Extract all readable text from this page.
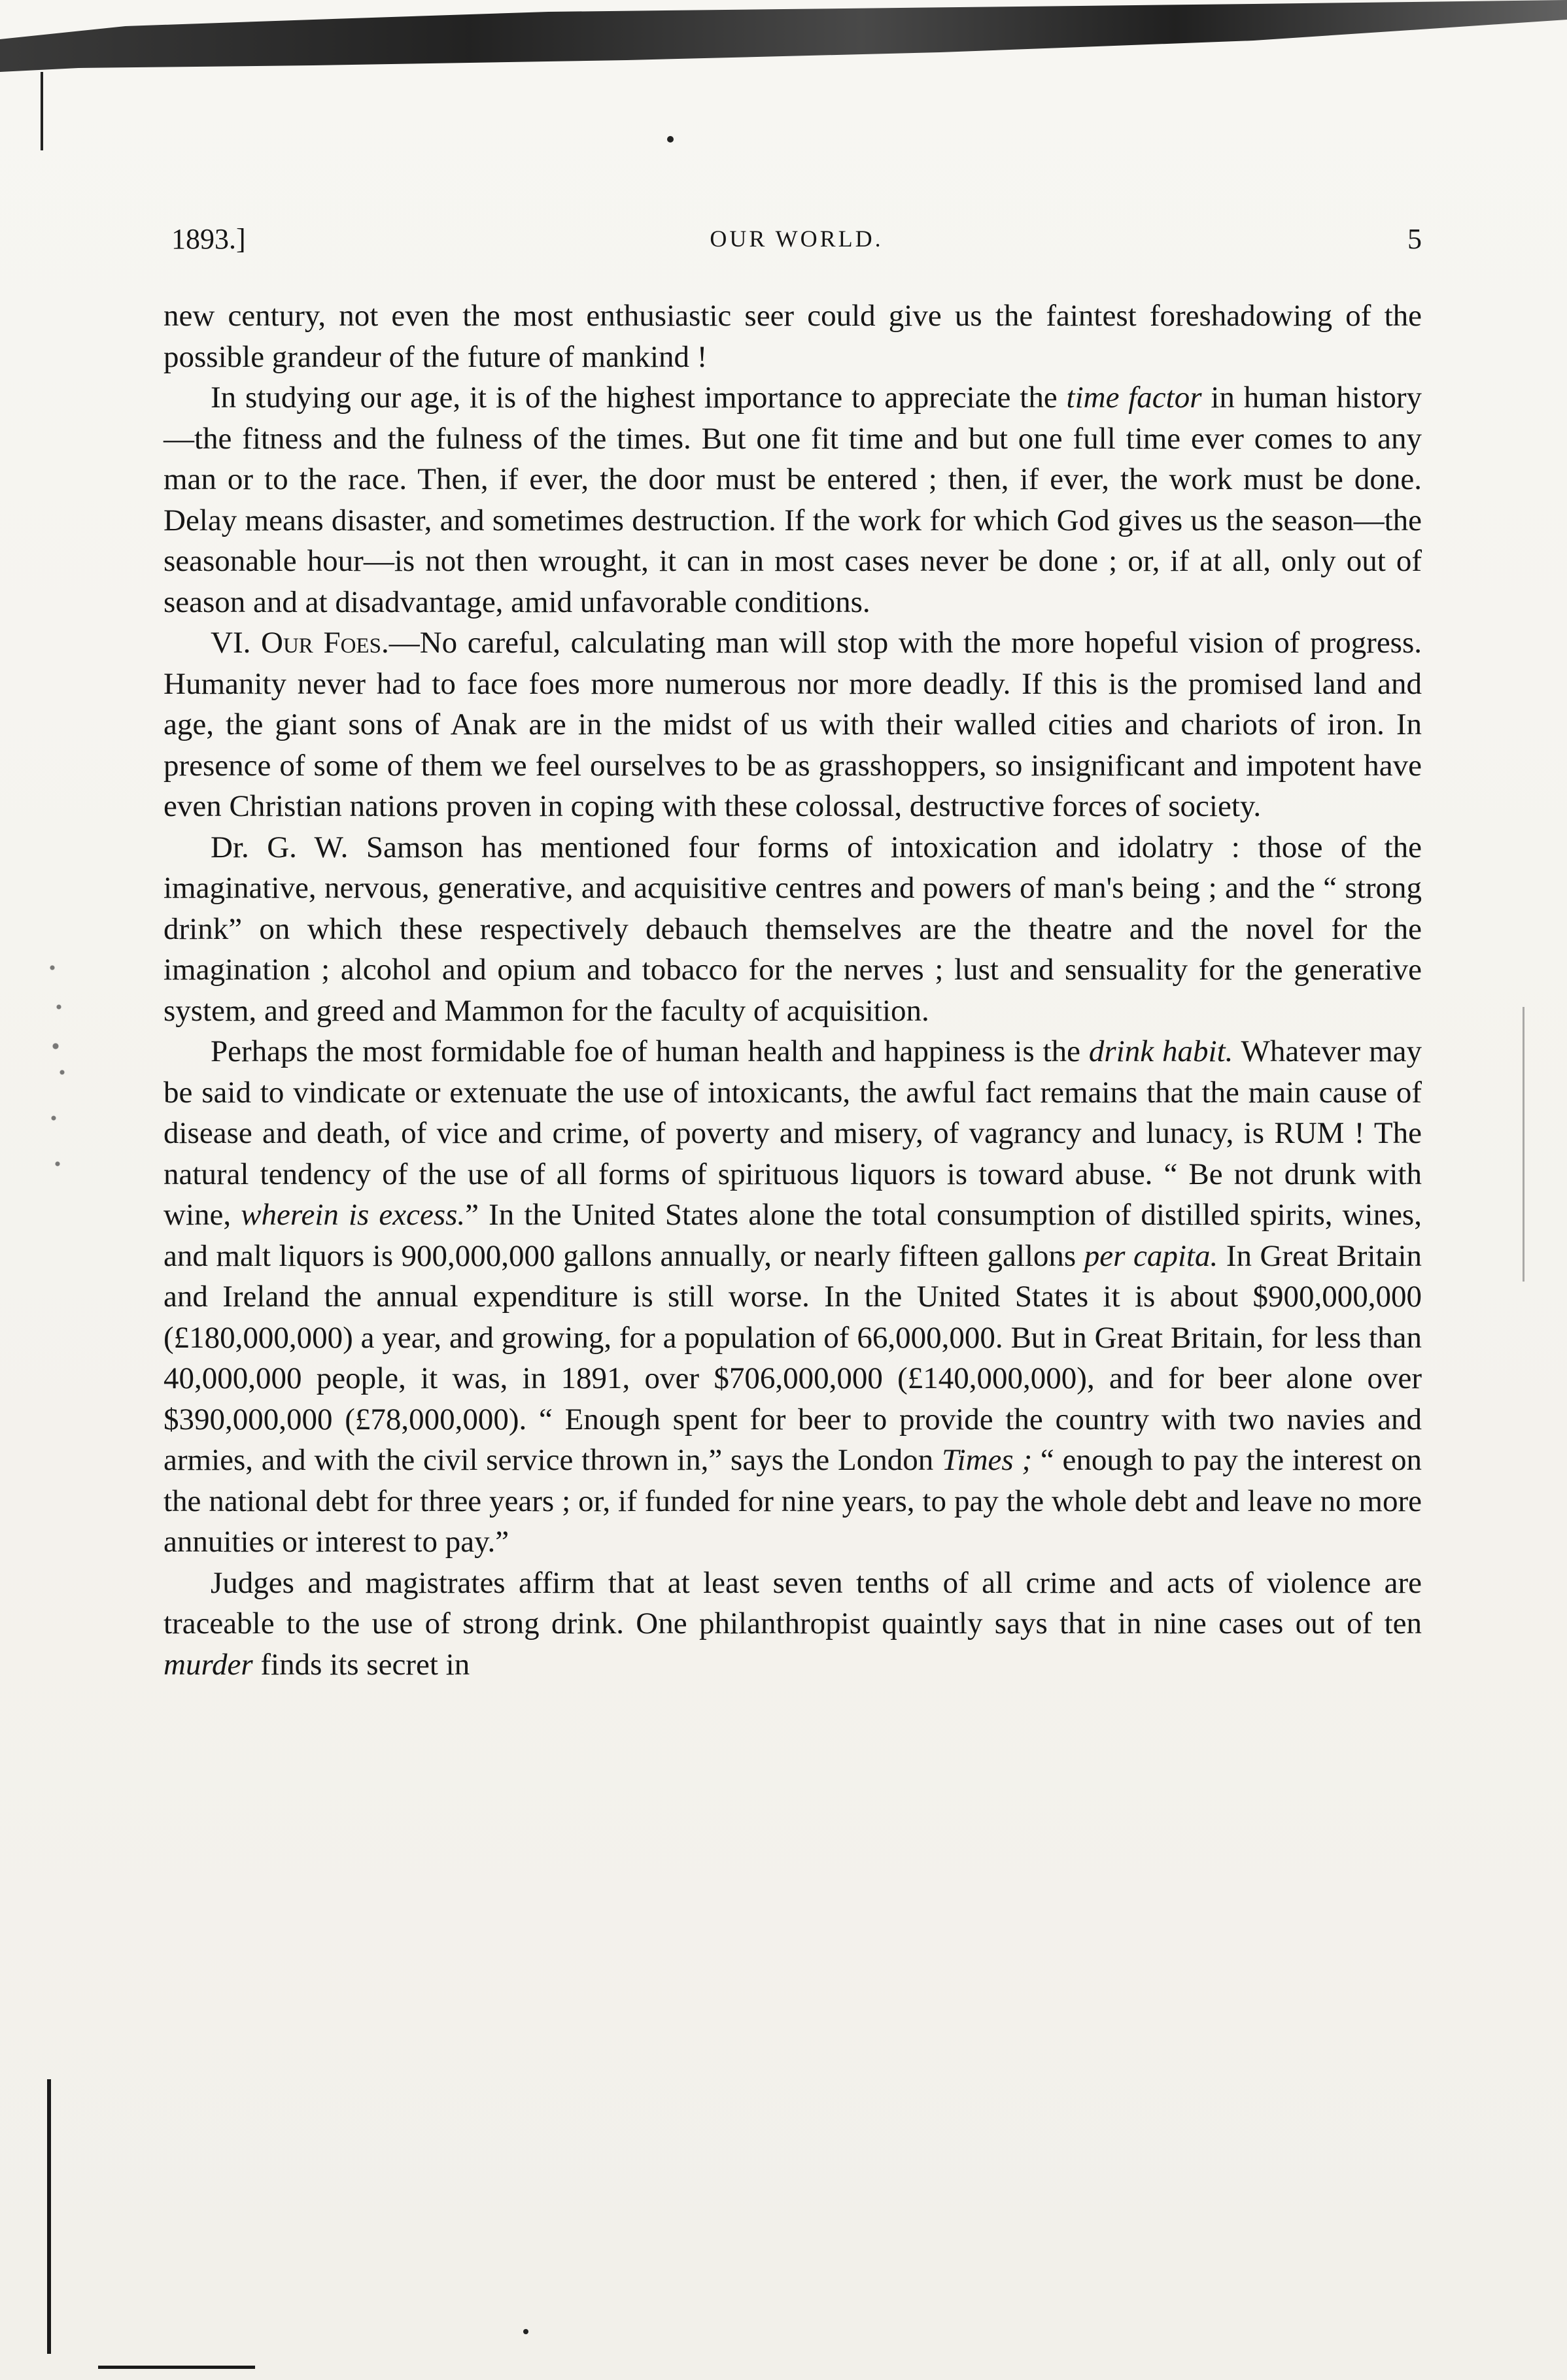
1893.]	OUR WORLD.	5

new century, not even the most enthusiastic seer could give us the faintest foreshadowing of the possible grandeur of the future of mankind !

In studying our age, it is of the highest importance to appreciate the time factor in human history—the fitness and the fulness of the times. But one fit time and but one full time ever comes to any man or to the race. Then, if ever, the door must be entered ; then, if ever, the work must be done. Delay means disaster, and sometimes destruction. If the work for which God gives us the season—the seasonable hour—is not then wrought, it can in most cases never be done ; or, if at all, only out of season and at disadvantage, amid unfavorable conditions.

VI. Our Foes.—No careful, calculating man will stop with the more hopeful vision of progress. Humanity never had to face foes more numerous nor more deadly. If this is the promised land and age, the giant sons of Anak are in the midst of us with their walled cities and chariots of iron. In presence of some of them we feel ourselves to be as grasshoppers, so insignificant and impotent have even Christian nations proven in coping with these colossal, destructive forces of society.

Dr. G. W. Samson has mentioned four forms of intoxication and idolatry : those of the imaginative, nervous, generative, and acquisitive centres and powers of man's being ; and the “ strong drink” on which these respectively debauch themselves are the theatre and the novel for the imagination ; alcohol and opium and tobacco for the nerves ; lust and sensuality for the generative system, and greed and Mammon for the faculty of acquisition.

Perhaps the most formidable foe of human health and happiness is the drink habit. Whatever may be said to vindicate or extenuate the use of intoxicants, the awful fact remains that the main cause of disease and death, of vice and crime, of poverty and misery, of vagrancy and lunacy, is RUM ! The natural tendency of the use of all forms of spirituous liquors is toward abuse. “ Be not drunk with wine, wherein is excess.” In the United States alone the total consumption of distilled spirits, wines, and malt liquors is 900,000,000 gallons annually, or nearly fifteen gallons per capita. In Great Britain and Ireland the annual expenditure is still worse. In the United States it is about $900,000,000 (£180,000,000) a year, and growing, for a population of 66,000,000. But in Great Britain, for less than 40,000,000 people, it was, in 1891, over $706,000,000 (£140,000,000), and for beer alone over $390,000,000 (£78,000,000). “ Enough spent for beer to provide the country with two navies and armies, and with the civil service thrown in,” says the London Times ; “ enough to pay the interest on the national debt for three years ; or, if funded for nine years, to pay the whole debt and leave no more annuities or interest to pay.”

Judges and magistrates affirm that at least seven tenths of all crime and acts of violence are traceable to the use of strong drink. One philanthropist quaintly says that in nine cases out of ten murder finds its secret in
